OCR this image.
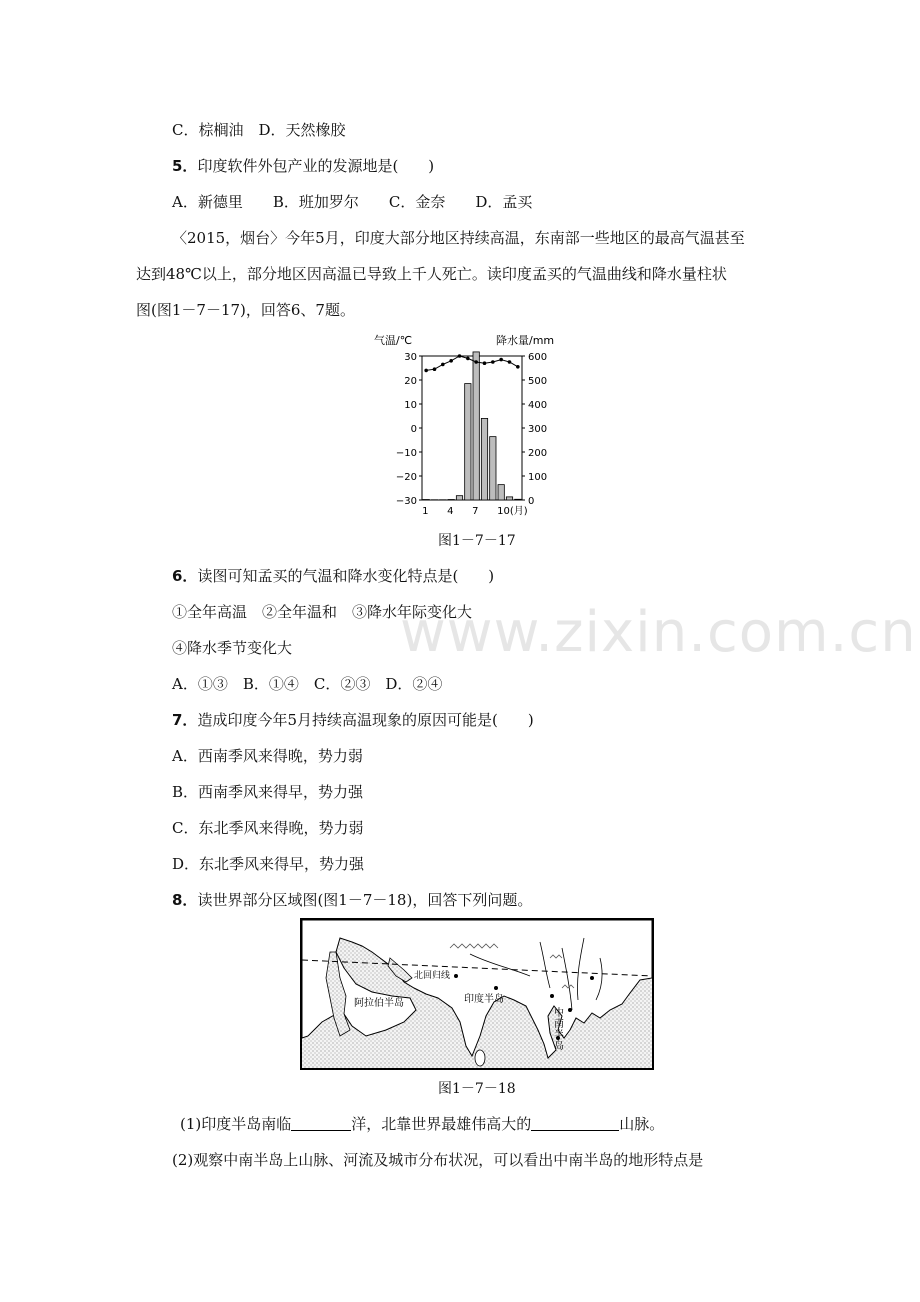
www.zixin.com.cn
C．棕榈油　D．天然橡胶
5．印度软件外包产业的发源地是(　　)
A．新德里　　B．班加罗尔　　C．金奈　　D．孟买
〈2015，烟台〉今年5月，印度大部分地区持续高温，东南部一些地区的最高气温甚至
达到48℃以上，部分地区因高温已导致上千人死亡。读印度孟买的气温曲线和降水量柱状
图(图1－7－17)，回答6、7题。
气温/℃	降水量/mm
30
20
10
0
−10
−20
−30
600
500
400
300
200
100
0
1 4 7 10(月)
图1－7－17
6．读图可知孟买的气温和降水变化特点是(　　)
①全年高温　②全年温和　③降水年际变化大
④降水季节变化大
A．①③　B．①④　C．②③　D．②④
7．造成印度今年5月持续高温现象的原因可能是(　　)
A．西南季风来得晚，势力弱
B．西南季风来得早，势力强
C．东北季风来得晚，势力弱
D．东北季风来得早，势力强
8．读世界部分区域图(图1－7－18)，回答下列问题。
北回归线
阿拉伯半岛	印度半岛
中南半岛
图1－7－18
(1)印度半岛南临	洋，北靠世界最雄伟高大的	山脉。
(2)观察中南半岛上山脉、河流及城市分布状况，可以看出中南半岛的地形特点是
